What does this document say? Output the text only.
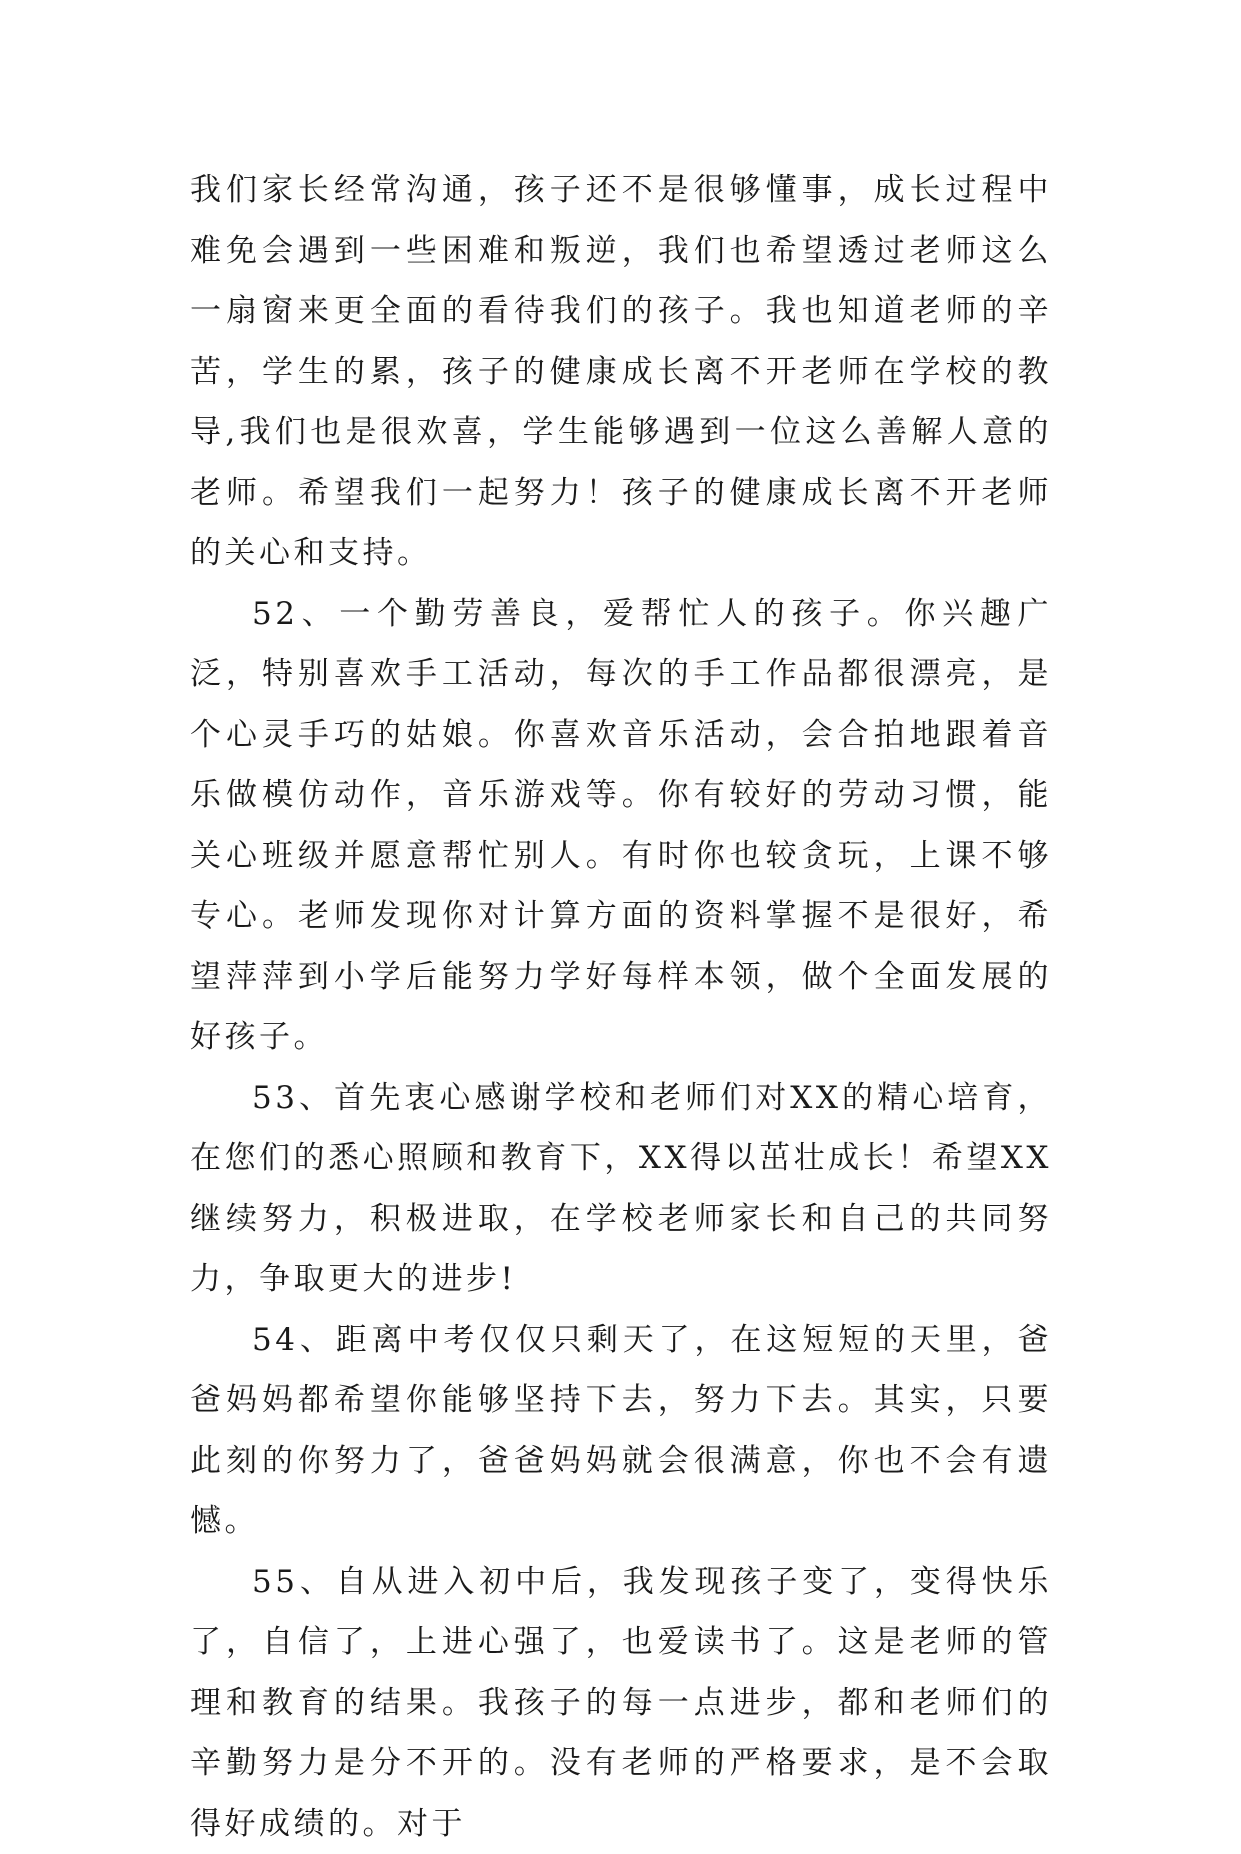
我们家长经常沟通，孩子还不是很够懂事，成长过程中难免会遇到一些困难和叛逆，我们也希望透过老师这么一扇窗来更全面的看待我们的孩子。我也知道老师的辛苦，学生的累，孩子的健康成长离不开老师在学校的教导,我们也是很欢喜，学生能够遇到一位这么善解人意的老师。希望我们一起努力！孩子的健康成长离不开老师的关心和支持。

52、一个勤劳善良，爱帮忙人的孩子。你兴趣广泛，特别喜欢手工活动，每次的手工作品都很漂亮，是个心灵手巧的姑娘。你喜欢音乐活动，会合拍地跟着音乐做模仿动作，音乐游戏等。你有较好的劳动习惯，能关心班级并愿意帮忙别人。有时你也较贪玩，上课不够专心。老师发现你对计算方面的资料掌握不是很好，希望萍萍到小学后能努力学好每样本领，做个全面发展的好孩子。

53、首先衷心感谢学校和老师们对XX的精心培育，在您们的悉心照顾和教育下，XX得以茁壮成长！希望XX继续努力，积极进取，在学校老师家长和自己的共同努力，争取更大的进步!

54、距离中考仅仅只剩天了，在这短短的天里，爸爸妈妈都希望你能够坚持下去，努力下去。其实，只要此刻的你努力了，爸爸妈妈就会很满意，你也不会有遗憾。

55、自从进入初中后，我发现孩子变了，变得快乐了，自信了，上进心强了，也爱读书了。这是老师的管理和教育的结果。我孩子的每一点进步，都和老师们的辛勤努力是分不开的。没有老师的严格要求，是不会取得好成绩的。对于
